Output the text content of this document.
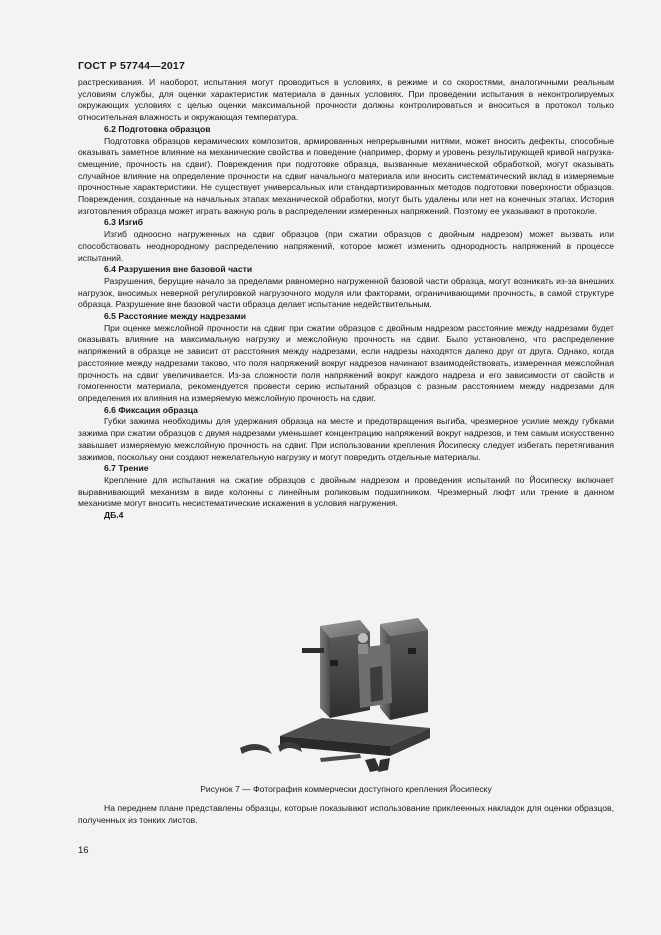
ГОСТ Р 57744—2017

растрескивания. И наоборот, испытания могут проводиться в условиях, в режиме и со скоростями, аналогичными реальным условиям службы, для оценки характеристик материала в данных условиях. При проведении испытания в неконтролируемых окружающих условиях с целью оценки максимальной прочности должны контролироваться и вноситься в протокол только относительная влажность и окружающая температура.

6.2 Подготовка образцов

Подготовка образцов керамических композитов, армированных непрерывными нитями, может вносить дефекты, способные оказывать заметное влияние на механические свойства и поведение (например, форму и уровень результирующей кривой нагрузка-смещение, прочность на сдвиг). Повреждения при подготовке образца, вызванные механической обработкой, могут оказывать случайное влияние на определение прочности на сдвиг начального материала или вносить систематический вклад в измеряемые прочностные характеристики. Не существует универсальных или стандартизированных методов подготовки поверхности образцов. Повреждения, созданные на начальных этапах механической обработки, могут быть удалены или нет на конечных этапах. История изготовления образца может играть важную роль в распределении измеренных напряжений. Поэтому ее указывают в протоколе.

6.3 Изгиб

Изгиб одноосно нагруженных на сдвиг образцов (при сжатии образцов с двойным надрезом) может вызвать или способствовать неоднородному распределению напряжений, которое может изменить однородность напряжений в процессе испытаний.

6.4 Разрушения вне базовой части

Разрушения, берущие начало за пределами равномерно нагруженной базовой части образца, могут возникать из-за внешних нагрузок, вносимых неверной регулировкой нагрузочного модуля или факторами, ограничивающими прочность, в самой структуре образца. Разрушение вне базовой части образца делает испытание недействительным.

6.5 Расстояние между надрезами

При оценке межслойной прочности на сдвиг при сжатии образцов с двойным надрезом расстояние между надрезами будет оказывать влияние на максимальную нагрузку и межслойную прочность на сдвиг. Было установлено, что распределение напряжений в образце не зависит от расстояния между надрезами, если надрезы находятся далеко друг от друга. Однако, когда расстояние между надрезами таково, что поля напряжений вокруг надрезов начинают взаимодействовать, измеренная межслойная прочность на сдвиг увеличивается. Из-за сложности поля напряжений вокруг каждого надреза и его зависимости от свойств и гомогенности материала, рекомендуется провести серию испытаний образцов с разным расстоянием между надрезами для определения их влияния на измеряемую межслойную прочность на сдвиг.

6.6 Фиксация образца

Губки зажима необходимы для удержания образца на месте и предотвращения выгиба, чрезмерное усилие между губками зажима при сжатии образцов с двумя надрезами уменьшает концентрацию напряжений вокруг надрезов, и тем самым искусственно завышает измеряемую межслойную прочность на сдвиг. При использовании крепления Йосипеску следует избегать перетягивания зажимов, поскольку они создают нежелательную нагрузку и могут повредить отдельные материалы.

6.7 Трение

Крепление для испытания на сжатие образцов с двойным надрезом и проведения испытаний по Йосипеску включает выравнивающий механизм в виде колонны с линейным роликовым подшипником. Чрезмерный люфт или трение в данном механизме могут вносить несистематические искажения в условия нагружения.

ДБ.4

Рисунок 7 — Фотография коммерчески доступного крепления Йосипеску

На переднем плане представлены образцы, которые показывают использование приклеенных накладок для оценки образцов, полученных из тонких листов.

16
